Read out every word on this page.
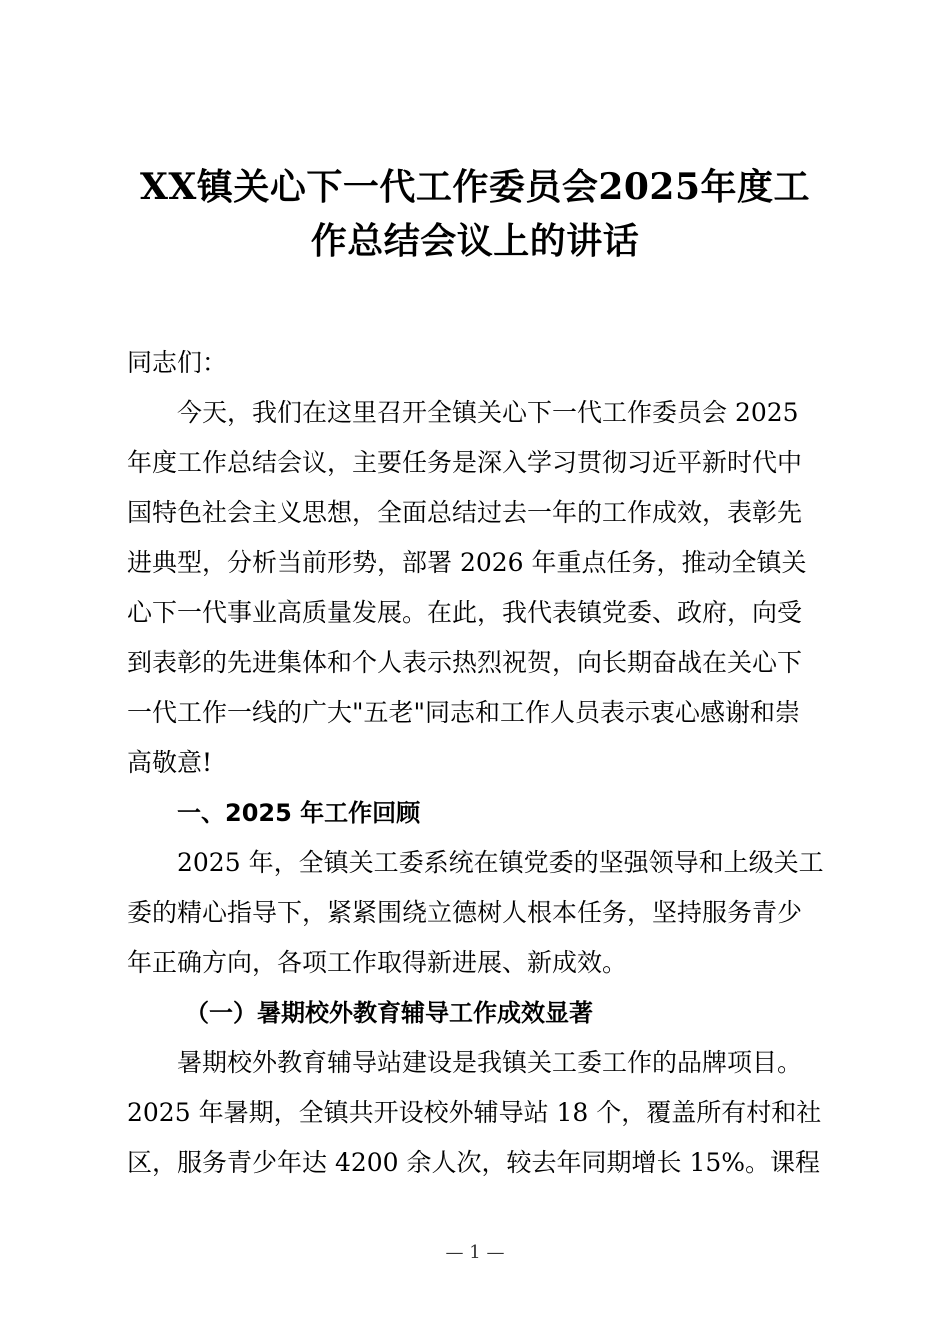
XX镇关心下一代工作委员会2025年度工
作总结会议上的讲话
同志们：
今天，我们在这里召开全镇关心下一代工作委员会 2025
年度工作总结会议，主要任务是深入学习贯彻习近平新时代中
国特色社会主义思想，全面总结过去一年的工作成效，表彰先
进典型，分析当前形势，部署 2026 年重点任务，推动全镇关
心下一代事业高质量发展。在此，我代表镇党委、政府，向受
到表彰的先进集体和个人表示热烈祝贺，向长期奋战在关心下
一代工作一线的广大"五老"同志和工作人员表示衷心感谢和崇
高敬意!
一、2025 年工作回顾
2025 年，全镇关工委系统在镇党委的坚强领导和上级关工
委的精心指导下，紧紧围绕立德树人根本任务，坚持服务青少
年正确方向，各项工作取得新进展、新成效。
（一）暑期校外教育辅导工作成效显著
暑期校外教育辅导站建设是我镇关工委工作的品牌项目。
2025 年暑期，全镇共开设校外辅导站 18 个，覆盖所有村和社
区，服务青少年达 4200 余人次，较去年同期增长 15%。课程
— 1 —
